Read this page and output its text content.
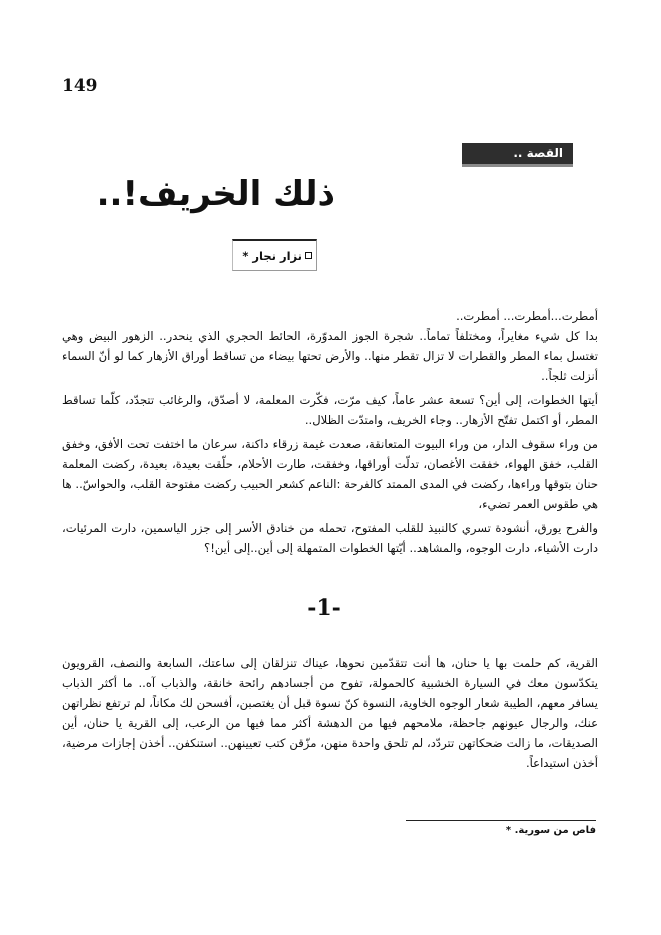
149
القصة ..
ذلك الخريف!..
نزار نجار *

أمطرت...أمطرت... أمطرت..

بدا كل شيء مغايراً، ومختلفاً تماماً.. شجرة الجوز المدوّرة، الحائط الحجري الذي ينحدر.. الزهور البيض وهي تغتسل بماء المطر والقطرات لا تزال تقطر منها.. والأرض تحتها بيضاء من تساقط أوراق الأزهار كما لو أنّ السماء أنزلت ثلجاً..

أيتها الخطوات، إلى أين؟ تسعة عشر عاماً، كيف مرّت، فكّرت المعلمة، لا أصدّق، والرغائب تتجدّد، كلّما تساقط المطر، أو اكتمل تفتّح الأزهار.. وجاء الخريف، وامتدّت الظلال..

من وراء سقوف الدار، من وراء البيوت المتعانقة، صعدت غيمة زرقاء داكنة، سرعان ما اختفت تحت الأفق، وخفق القلب، خفق الهواء، خفقت الأغصان، تدلّت أوراقها، وخفقت، طارت الأحلام، حلّقت بعيدة، بعيدة، ركضت المعلمة حنان بتوقها وراءها، ركضت في المدى الممتد كالفرحة :الناعم كشعر الحبيب ركضت مفتوحة القلب، والحواسّ.. ها هي طقوس العمر تضيء،

والفرح يورق، أنشودة تسري كالنبيذ للقلب المفتوح، تحمله من خنادق الأسر إلى جزر الياسمين، دارت المرئيات، دارت الأشياء، دارت الوجوه، والمشاهد.. أيّتها الخطوات المتمهلة إلى أين..إلى أين!؟

-1-

القرية، كم حلمت بها يا حنان، ها أنت تتقدّمين نحوها، عيناك تنزلقان إلى ساعتك، السابعة والنصف، القرويون يتكدّسون معك في السيارة الخشبية كالحمولة، تفوح من أجسادهم رائحة خانقة، والذباب آه.. ما أكثر الذباب يسافر معهم، الطيبة شعار الوجوه الخاوية، النسوة كنّ نسوة قبل أن يغتصبن، أفسحن لك مكاناً، لم ترتفع نظراتهن عنك، والرجال عيونهم جاحظة، ملامحهم فيها من الدهشة أكثر مما فيها من الرعب، إلى القرية يا حنان، أين الصديقات، ما زالت ضحكاتهن تتردّد، لم تلحق واحدة منهن، مزّقن كتب تعيينهن.. استنكفن.. أخذن إجازات مرضية، أخذن استيداعاً.

فاص من سورية. *
